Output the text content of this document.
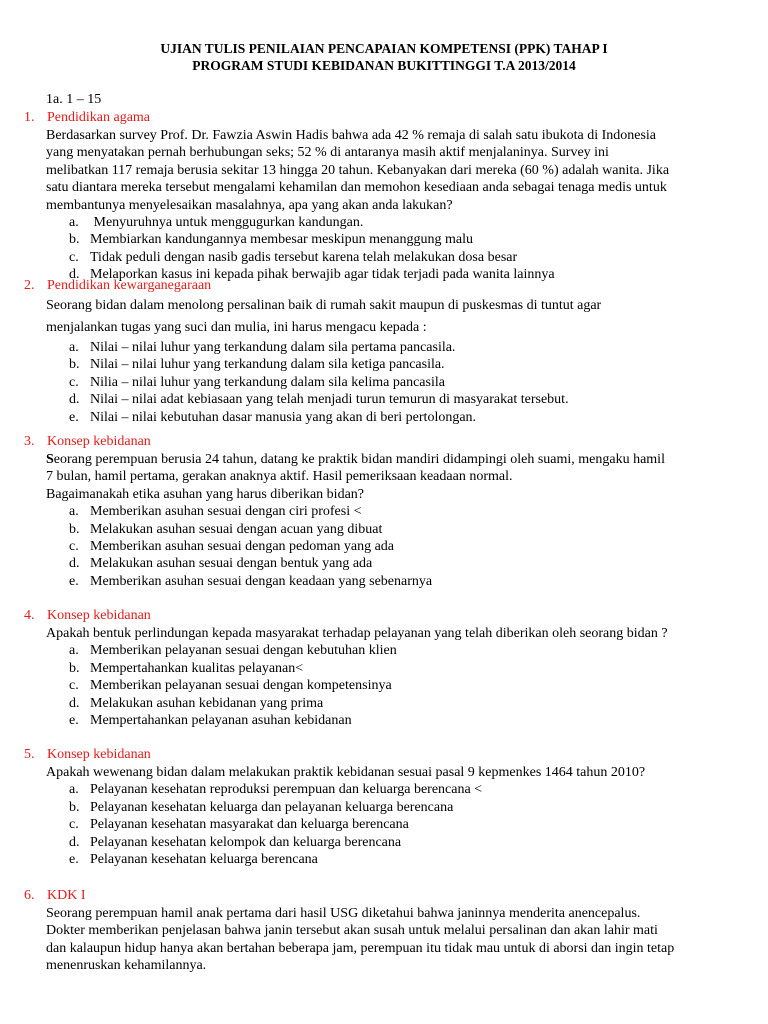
UJIAN TULIS PENILAIAN PENCAPAIAN KOMPETENSI (PPK) TAHAP I
PROGRAM STUDI KEBIDANAN BUKITTINGGI T.A 2013/2014
1a. 1 – 15
1. Pendidikan agama
Berdasarkan survey Prof. Dr. Fawzia Aswin Hadis bahwa ada 42 % remaja di salah satu ibukota di Indonesia
yang menyatakan pernah berhubungan seks; 52 % di antaranya masih aktif menjalaninya. Survey ini
melibatkan 117 remaja berusia sekitar 13 hingga 20 tahun. Kebanyakan dari mereka (60 %) adalah wanita. Jika
satu diantara mereka tersebut mengalami kehamilan dan memohon kesediaan anda sebagai tenaga medis untuk
membantunya menyelesaikan masalahnya, apa yang akan anda lakukan?
a. Menyuruhnya untuk menggugurkan kandungan.
b. Membiarkan kandungannya membesar meskipun menanggung malu
c. Tidak peduli dengan nasib gadis tersebut karena telah melakukan dosa besar
d. Melaporkan kasus ini kepada pihak berwajib agar tidak terjadi pada wanita lainnya
2. Pendidikan kewarganegaraan
Seorang bidan dalam menolong persalinan baik di rumah sakit maupun di puskesmas di tuntut agar
menjalankan tugas yang suci dan mulia, ini harus mengacu kepada :
a. Nilai – nilai luhur yang terkandung dalam sila pertama pancasila.
b. Nilai – nilai luhur yang terkandung dalam sila ketiga pancasila.
c. Nilia – nilai luhur yang terkandung dalam sila kelima pancasila
d. Nilai – nilai adat kebiasaan yang telah menjadi turun temurun di masyarakat tersebut.
e. Nilai – nilai kebutuhan dasar manusia yang akan di beri pertolongan.
3. Konsep kebidanan
Seorang perempuan berusia 24 tahun, datang ke praktik bidan mandiri didampingi oleh suami, mengaku hamil
7 bulan, hamil pertama, gerakan anaknya aktif. Hasil pemeriksaan keadaan normal.
Bagaimanakah etika asuhan yang harus diberikan bidan?
a. Memberikan asuhan sesuai dengan ciri profesi <
b. Melakukan asuhan sesuai dengan acuan yang dibuat
c. Memberikan asuhan sesuai dengan pedoman yang ada
d. Melakukan asuhan sesuai dengan bentuk yang ada
e. Memberikan asuhan sesuai dengan keadaan yang sebenarnya
4. Konsep kebidanan
Apakah bentuk perlindungan kepada masyarakat terhadap pelayanan yang telah diberikan oleh seorang bidan ?
a. Memberikan pelayanan sesuai dengan kebutuhan klien
b. Mempertahankan kualitas pelayanan<
c. Memberikan pelayanan sesuai dengan kompetensinya
d. Melakukan asuhan kebidanan yang prima
e. Mempertahankan pelayanan asuhan kebidanan
5. Konsep kebidanan
Apakah wewenang bidan dalam melakukan praktik kebidanan sesuai pasal 9 kepmenkes 1464 tahun 2010?
a. Pelayanan kesehatan reproduksi perempuan dan keluarga berencana <
b. Pelayanan kesehatan keluarga dan pelayanan keluarga berencana
c. Pelayanan kesehatan masyarakat dan keluarga berencana
d. Pelayanan kesehatan kelompok dan keluarga berencana
e. Pelayanan kesehatan keluarga berencana
6. KDK I
Seorang perempuan hamil anak pertama dari hasil USG diketahui bahwa janinnya menderita anencepalus.
Dokter memberikan penjelasan bahwa janin tersebut akan susah untuk melalui persalinan dan akan lahir mati
dan kalaupun hidup hanya akan bertahan beberapa jam, perempuan itu tidak mau untuk di aborsi dan ingin tetap
menenruskan kehamilannya.
